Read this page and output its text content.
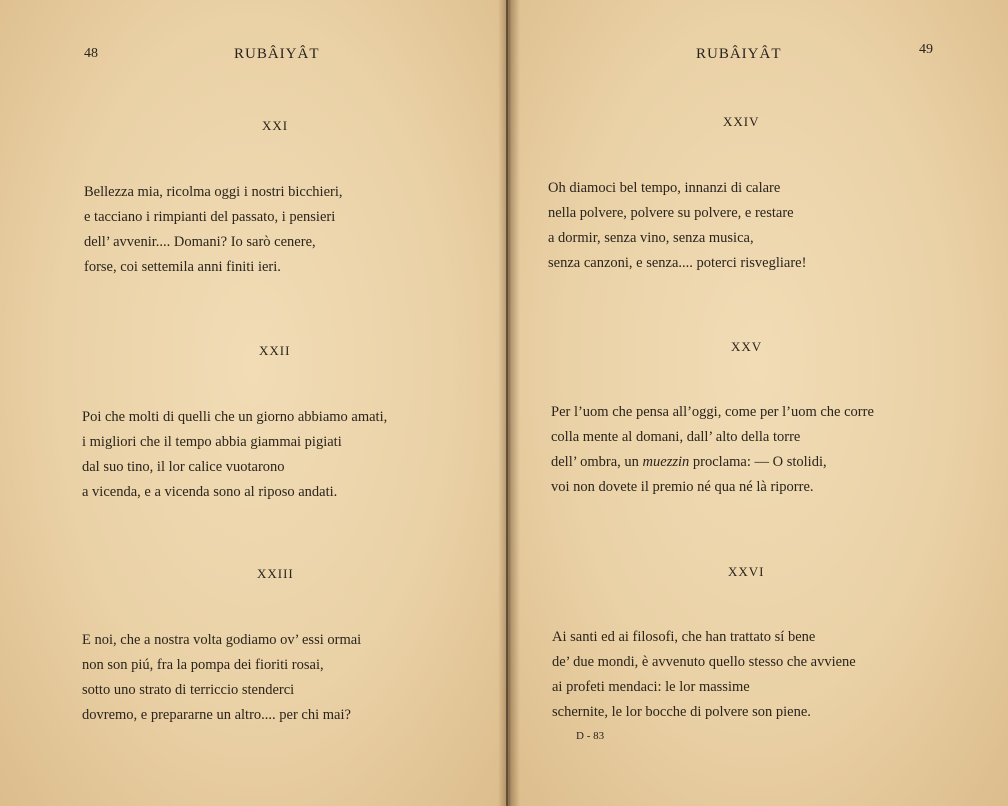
48	RUBÂIYÂT
XXI
Bellezza mia, ricolma oggi i nostri bicchieri,
e tacciano i rimpianti del passato, i pensieri
dell’ avvenir.... Domani? Io sarò cenere,
forse, coi settemila anni finiti ieri.
XXII
Poi che molti di quelli che un giorno abbiamo amati,
i migliori che il tempo abbia giammai pigiati
dal suo tino, il lor calice vuotarono
a vicenda, e a vicenda sono al riposo andati.
XXIII
E noi, che a nostra volta godiamo ov’ essi ormai
non son piú, fra la pompa dei fioriti rosai,
sotto uno strato di terriccio stenderci
dovremo, e prepararne un altro.... per chi mai?
RUBÂIYÂT	49
XXIV
Oh diamoci bel tempo, innanzi di calare
nella polvere, polvere su polvere, e restare
a dormir, senza vino, senza musica,
senza canzoni, e senza.... poterci risvegliare!
XXV
Per l’uom che pensa all’oggi, come per l’uom che corre
colla mente al domani, dall’ alto della torre
dell’ ombra, un muezzin proclama: — O stolidi,
voi non dovete il premio né qua né là riporre.
XXVI
Ai santi ed ai filosofi, che han trattato sí bene
de’ due mondi, è avvenuto quello stesso che avviene
ai profeti mendaci: le lor massime
schernite, le lor bocche di polvere son piene.
D - 83
